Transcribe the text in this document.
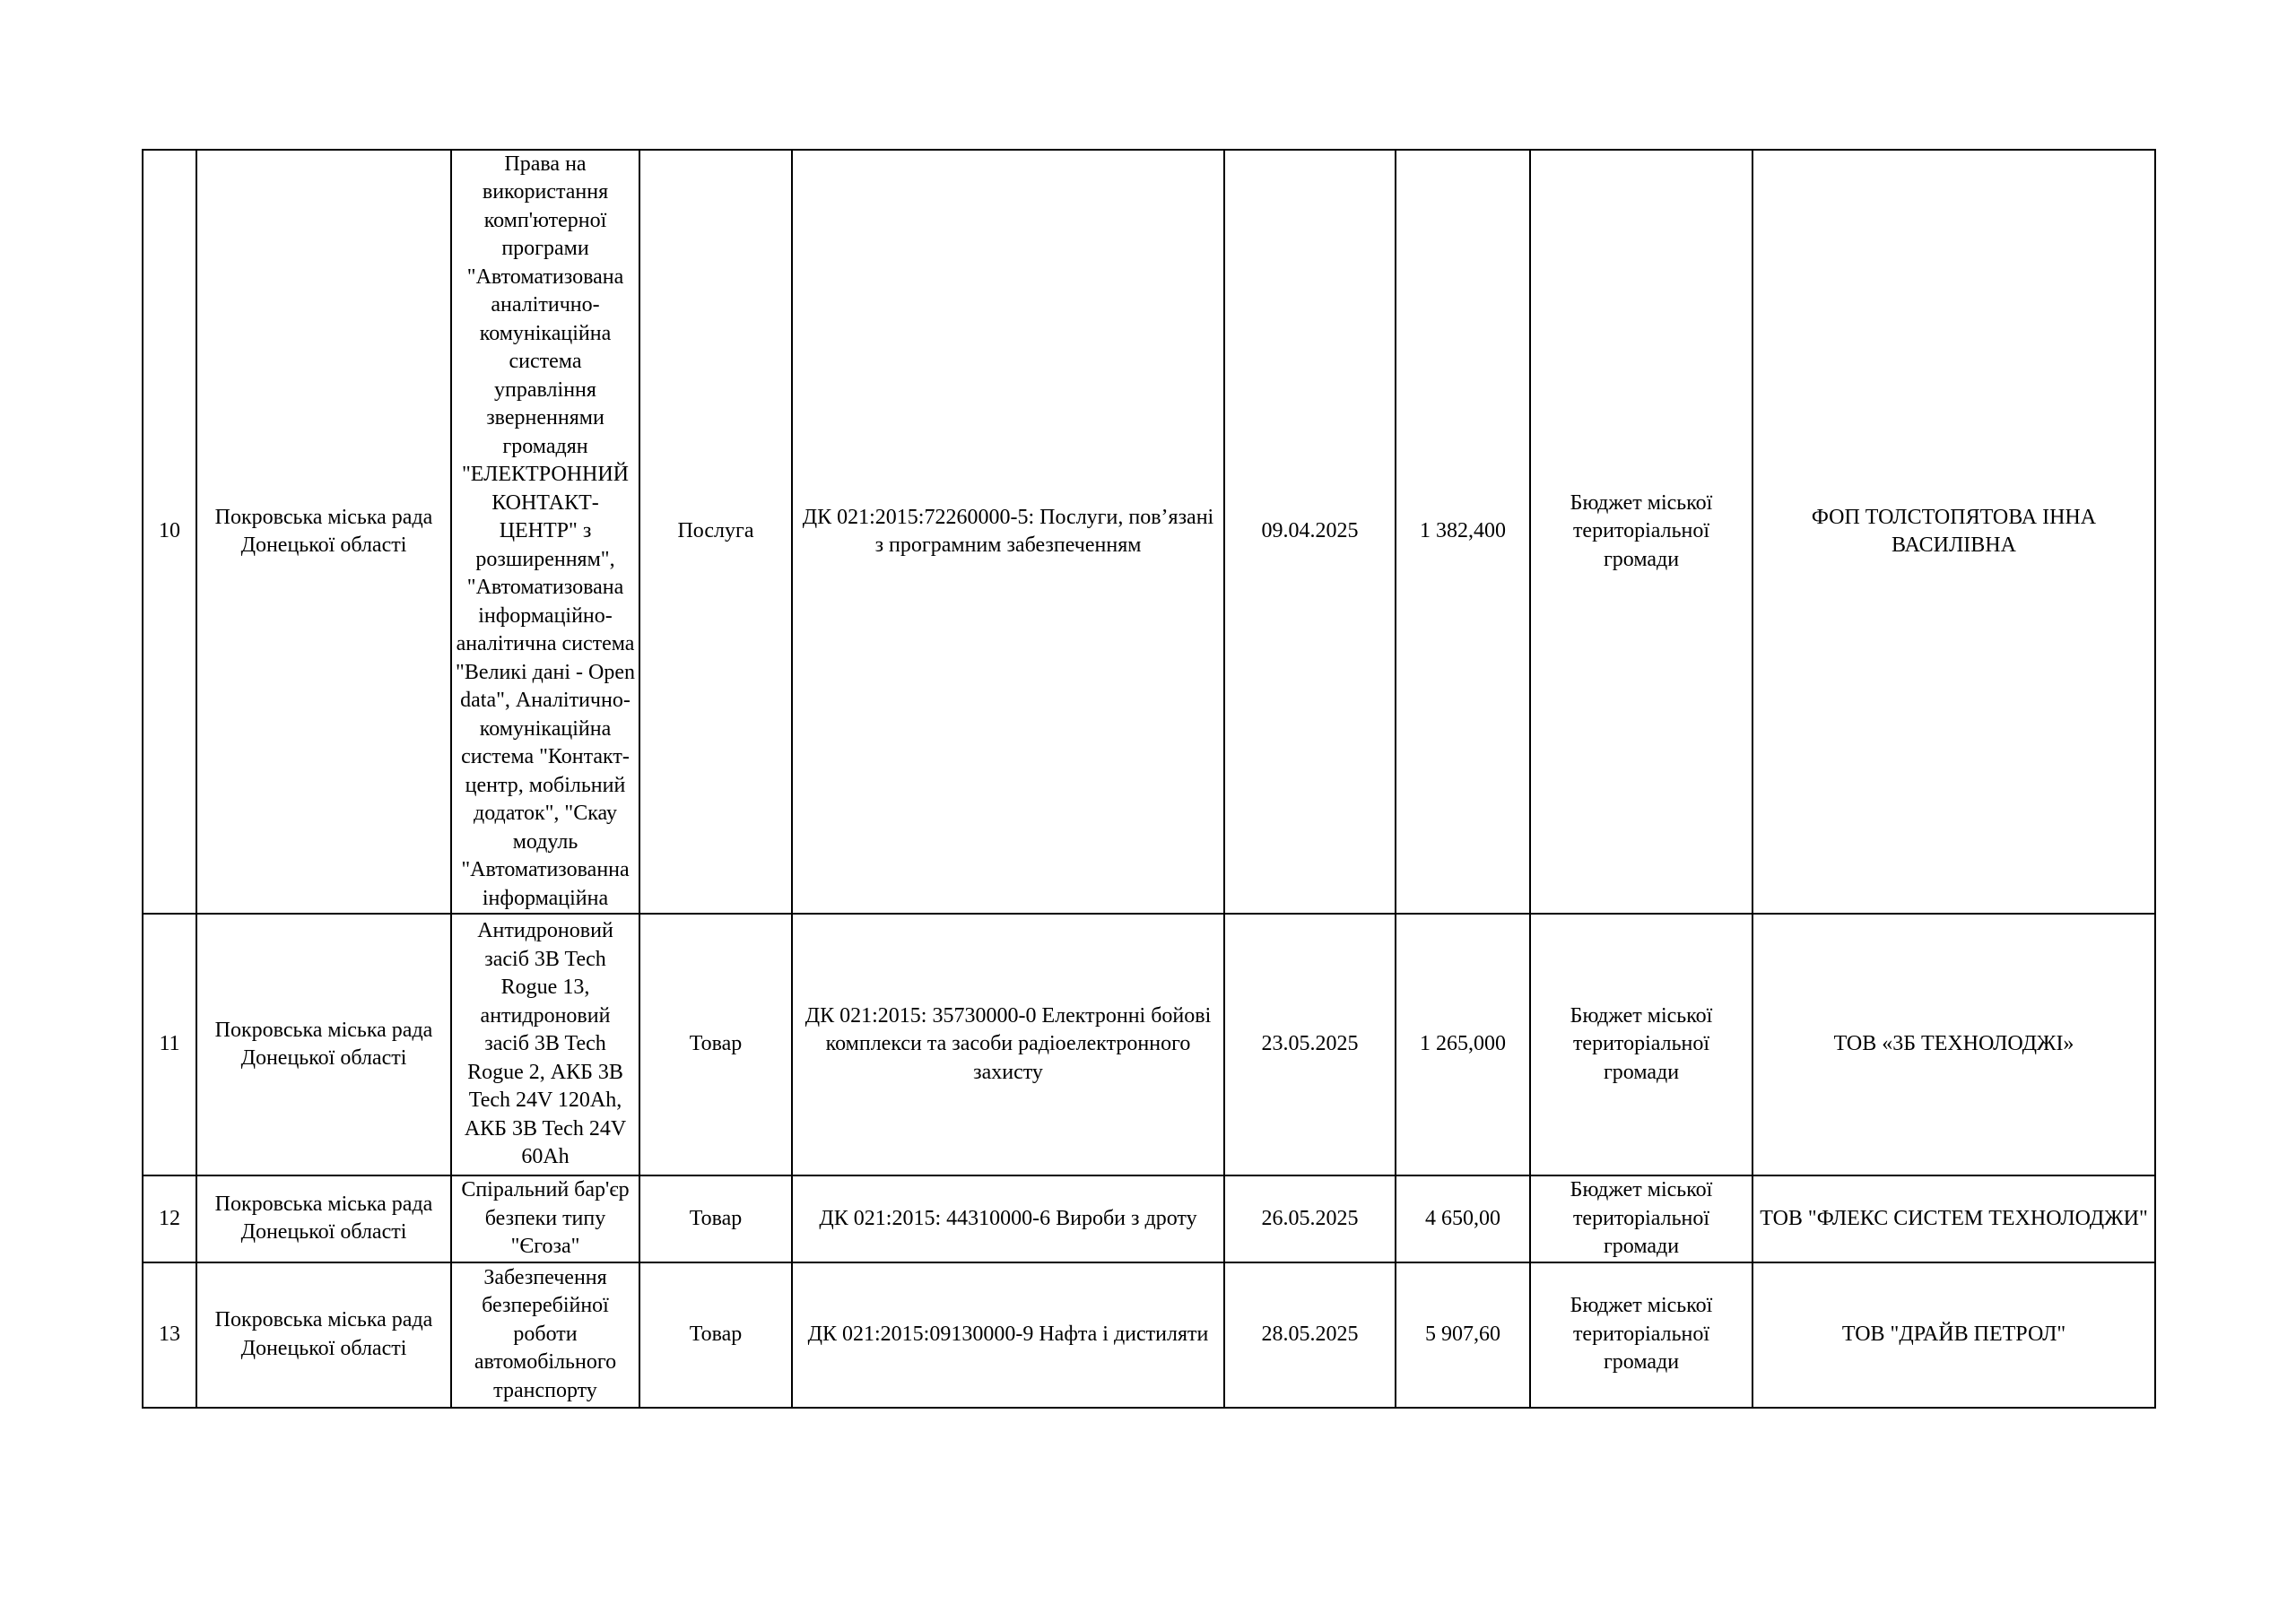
10	Покровська міська рада Донецької області	Права на використання комп'ютерної програми "Автоматизована аналітично-комунікаційна система управління зверненнями громадян "ЕЛЕКТРОННИЙ КОНТАКТ-ЦЕНТР" з розширенням", "Автоматизована інформаційно-аналітична система "Великі дані - Open data", Аналітично-комунікаційна система "Контакт-центр, мобільний додаток", "Скау модуль "Автоматизованна інформаційна	Послуга	ДК 021:2015:72260000-5: Послуги, пов’язані з програмним забезпеченням	09.04.2025	1 382,400	Бюджет міської територіальної громади	ФОП ТОЛСТОПЯТОВА ІННА ВАСИЛІВНА
11	Покровська міська рада Донецької області	Антидроновий засіб 3B Tech Rogue 13, антидроновий засіб 3B Tech Rogue 2, АКБ 3B Tech 24V 120Ah, АКБ 3B Tech 24V 60Ah	Товар	ДК 021:2015: 35730000-0 Електронні бойові комплекси та засоби радіоелектронного захисту	23.05.2025	1 265,000	Бюджет міської територіальної громади	ТОВ «3Б ТЕХНОЛОДЖІ»
12	Покровська міська рада Донецької області	Спіральний бар'єр безпеки типу "Єгоза"	Товар	ДК 021:2015: 44310000-6 Вироби з дроту	26.05.2025	4 650,00	Бюджет міської територіальної громади	ТОВ "ФЛЕКС СИСТЕМ ТЕХНОЛОДЖИ"
13	Покровська міська рада Донецької області	Забезпечення безперебійної роботи автомобільного транспорту	Товар	ДК 021:2015:09130000-9 Нафта і дистиляти	28.05.2025	5 907,60	Бюджет міської територіальної громади	ТОВ "ДРАЙВ ПЕТРОЛ"
